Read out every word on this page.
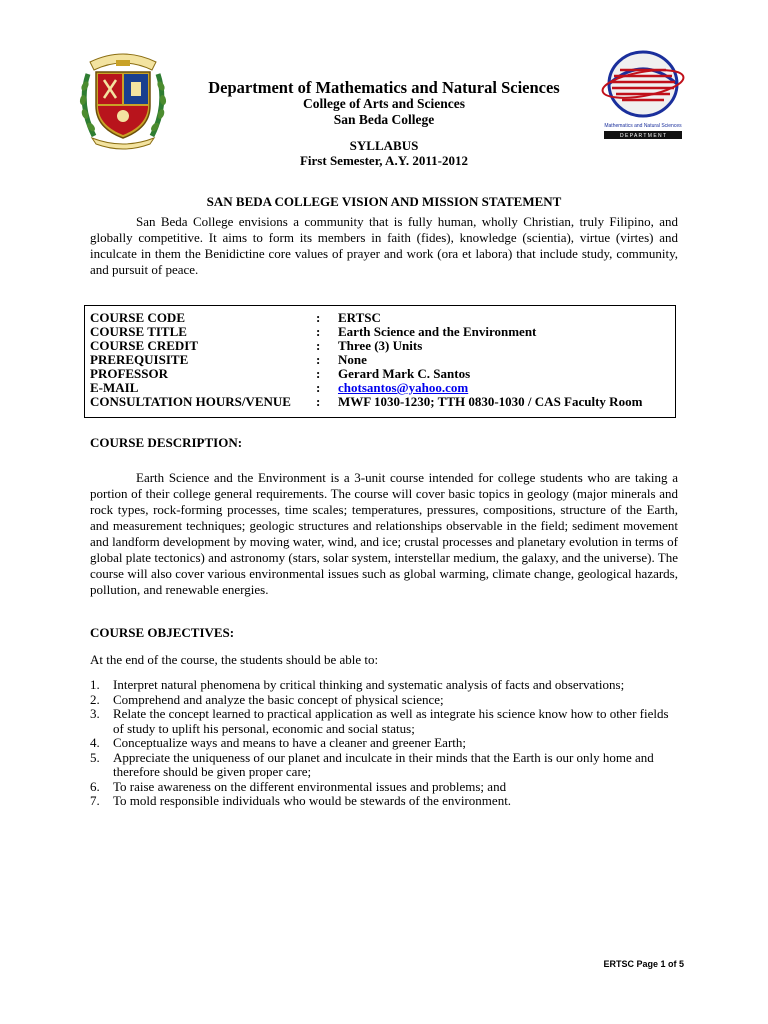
Mathematics and Natural Sciences
D E P A R T M E N T
Department of Mathematics and Natural Sciences
College of Arts and Sciences
San Beda College
SYLLABUS
First Semester, A.Y. 2011-2012
SAN BEDA COLLEGE VISION AND MISSION STATEMENT

San Beda College envisions a community that is fully human, wholly Christian, truly Filipino, and globally competitive. It aims to form its members in faith (fides), knowledge (scientia), virtue (virtes) and inculcate in them the Benidictine core values of prayer and work (ora et labora) that include study, community, and pursuit of peace.

COURSE CODE	: ERTSC
COURSE TITLE	: Earth Science and the Environment
COURSE CREDIT	: Three (3) Units
PREREQUISITE	: None
PROFESSOR	: Gerard Mark C. Santos
E-MAIL	: chotsantos@yahoo.com
CONSULTATION HOURS/VENUE : MWF 1030-1230; TTH 0830-1030 / CAS Faculty Room
COURSE DESCRIPTION:

Earth Science and the Environment is a 3-unit course intended for college students who are taking a portion of their college general requirements. The course will cover basic topics in geology (major minerals and rock types, rock-forming processes, time scales; temperatures, pressures, compositions, structure of the Earth, and measurement techniques; geologic structures and relationships observable in the field; sediment movement and landform development by moving water, wind, and ice; crustal processes and planetary evolution in terms of global plate tectonics) and astronomy (stars, solar system, interstellar medium, the galaxy, and the universe). The course will also cover various environmental issues such as global warming, climate change, geological hazards, pollution, and renewable energies.

COURSE OBJECTIVES:
At the end of the course, the students should be able to:
1. Interpret natural phenomena by critical thinking and systematic analysis of facts and observations;
2. Comprehend and analyze the basic concept of physical science;
3. Relate the concept learned to practical application as well as integrate his science know how to other fields of study to uplift his personal, economic and social status;
4. Conceptualize ways and means to have a cleaner and greener Earth;
5. Appreciate the uniqueness of our planet and inculcate in their minds that the Earth is our only home and therefore should be given proper care;
6. To raise awareness on the different environmental issues and problems; and
7. To mold responsible individuals who would be stewards of the environment.
ERTSC Page 1 of 5
